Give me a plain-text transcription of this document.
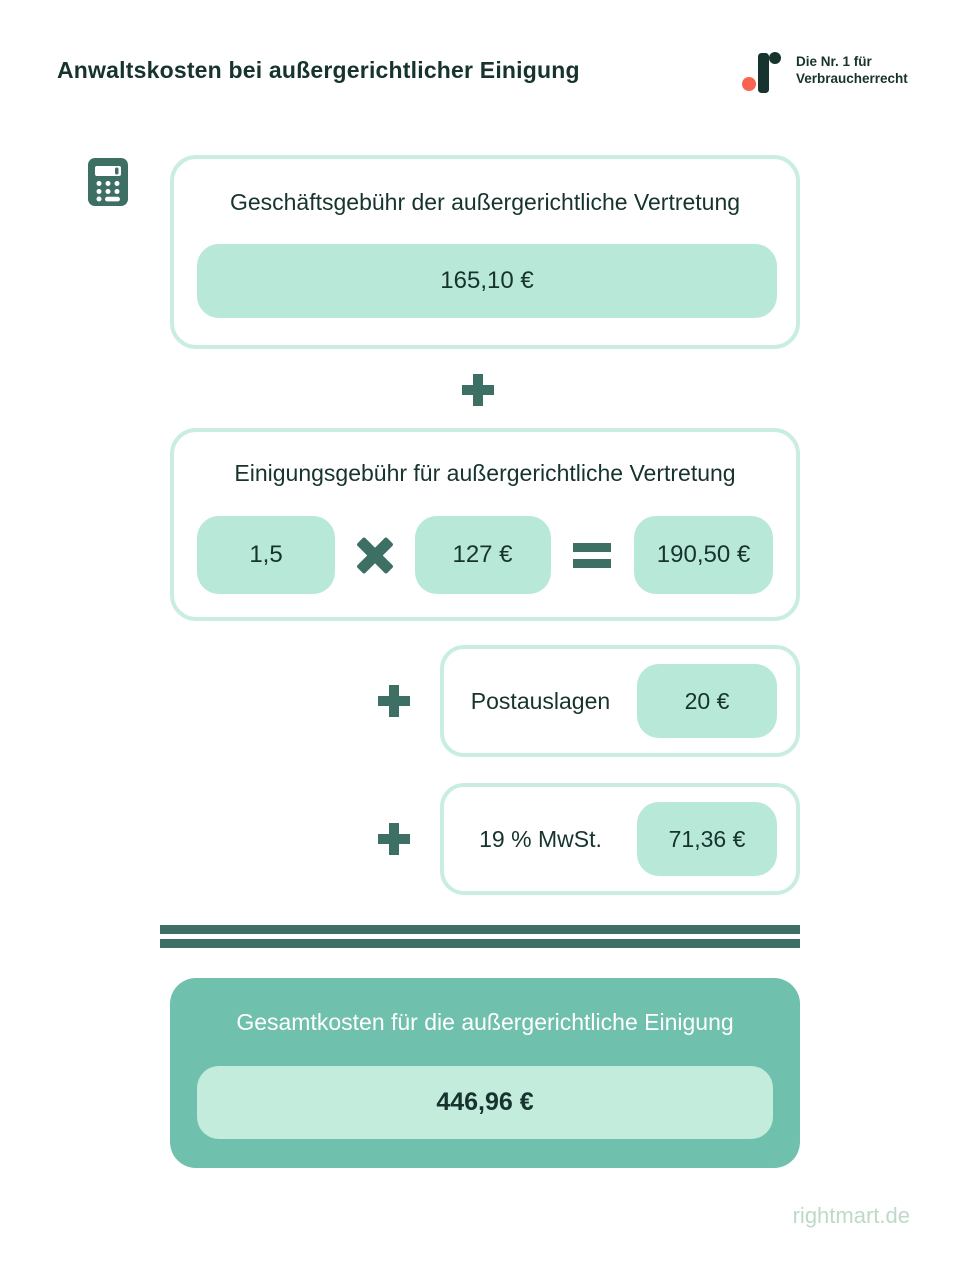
Anwaltskosten bei außergerichtlicher Einigung	Die Nr. 1 für
Verbraucherrecht
Geschäftsgebühr der außergerichtliche Vertretung
165,10 €
Einigungsgebühr für außergerichtliche Vertretung
1,5	127 €	190,50 €
Postauslagen	20 €
19 % MwSt.	71,36 €
Gesamtkosten für die außergerichtliche Einigung
446,96 €
rightmart.de
